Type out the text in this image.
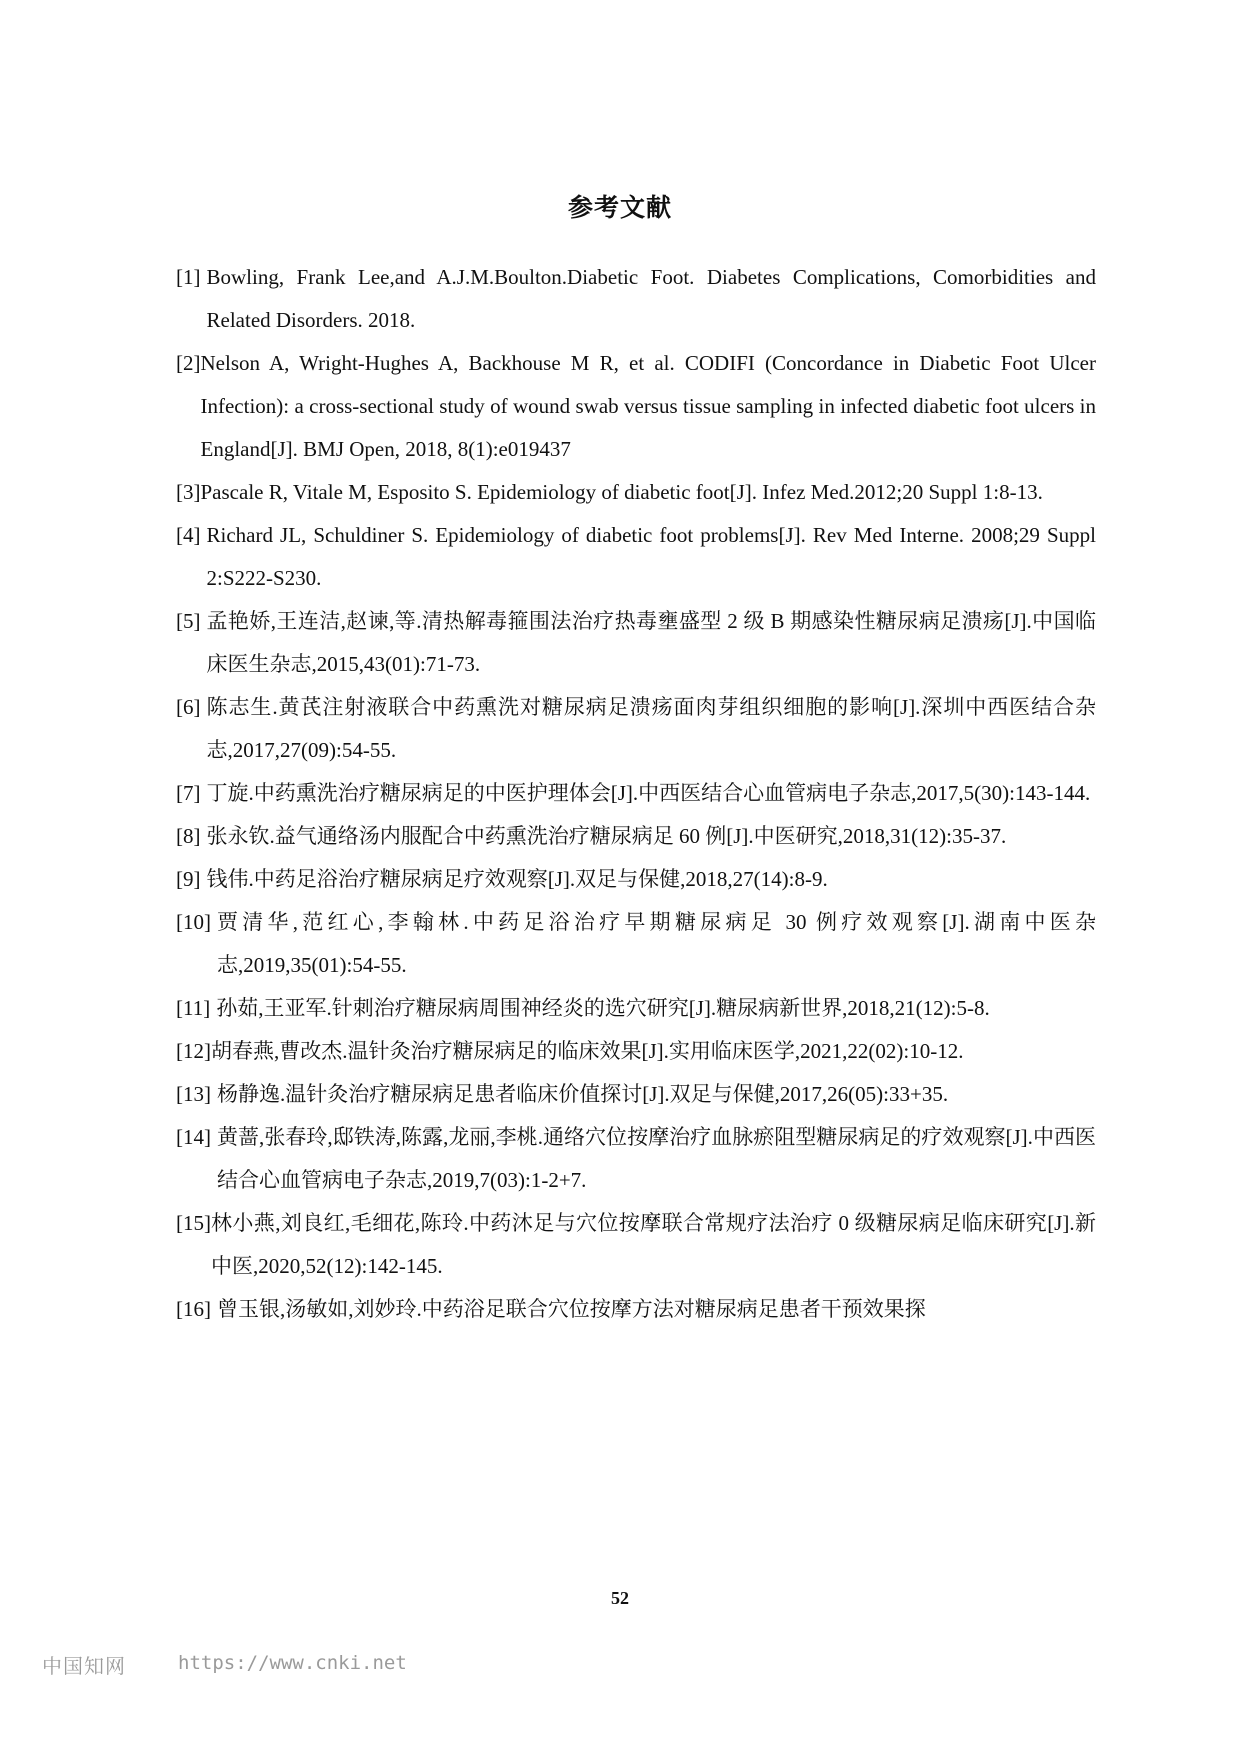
参考文献
[1] Bowling, Frank Lee,and A.J.M.Boulton.Diabetic Foot. Diabetes Complications, Comorbidities and Related Disorders. 2018.
[2] Nelson A, Wright-Hughes A, Backhouse M R, et al. CODIFI (Concordance in Diabetic Foot Ulcer Infection): a cross-sectional study of wound swab versus tissue sampling in infected diabetic foot ulcers in England[J]. BMJ Open, 2018, 8(1):e019437
[3] Pascale R, Vitale M, Esposito S. Epidemiology of diabetic foot[J]. Infez Med.2012;20 Suppl 1:8-13.
[4] Richard JL, Schuldiner S. Epidemiology of diabetic foot problems[J]. Rev Med Interne. 2008;29 Suppl 2:S222-S230.
[5] 孟艳娇,王连洁,赵谏,等.清热解毒箍围法治疗热毒壅盛型 2 级 B 期感染性糖尿病足溃疡[J].中国临床医生杂志,2015,43(01):71-73.
[6] 陈志生.黄芪注射液联合中药熏洗对糖尿病足溃疡面肉芽组织细胞的影响[J].深圳中西医结合杂志,2017,27(09):54-55.
[7] 丁旋.中药熏洗治疗糖尿病足的中医护理体会[J].中西医结合心血管病电子杂志,2017,5(30):143-144.
[8] 张永钦.益气通络汤内服配合中药熏洗治疗糖尿病足 60 例[J].中医研究,2018,31(12):35-37.
[9] 钱伟.中药足浴治疗糖尿病足疗效观察[J].双足与保健,2018,27(14):8-9.
[10] 贾清华,范红心,李翰林.中药足浴治疗早期糖尿病足 30 例疗效观察[J].湖南中医杂志,2019,35(01):54-55.
[11] 孙茹,王亚军.针刺治疗糖尿病周围神经炎的选穴研究[J].糖尿病新世界,2018,21(12):5-8.
[12] 胡春燕,曹改杰.温针灸治疗糖尿病足的临床效果[J].实用临床医学,2021,22(02):10-12.
[13] 杨静逸.温针灸治疗糖尿病足患者临床价值探讨[J].双足与保健,2017,26(05):33+35.
[14] 黄蔷,张春玲,邸铁涛,陈露,龙丽,李桃.通络穴位按摩治疗血脉瘀阻型糖尿病足的疗效观察[J].中西医结合心血管病电子杂志,2019,7(03):1-2+7.
[15] 林小燕,刘良红,毛细花,陈玲.中药沐足与穴位按摩联合常规疗法治疗 0 级糖尿病足临床研究[J].新中医,2020,52(12):142-145.
[16] 曾玉银,汤敏如,刘妙玲.中药浴足联合穴位按摩方法对糖尿病足患者干预效果探
52
中国知网	https://www.cnki.net
